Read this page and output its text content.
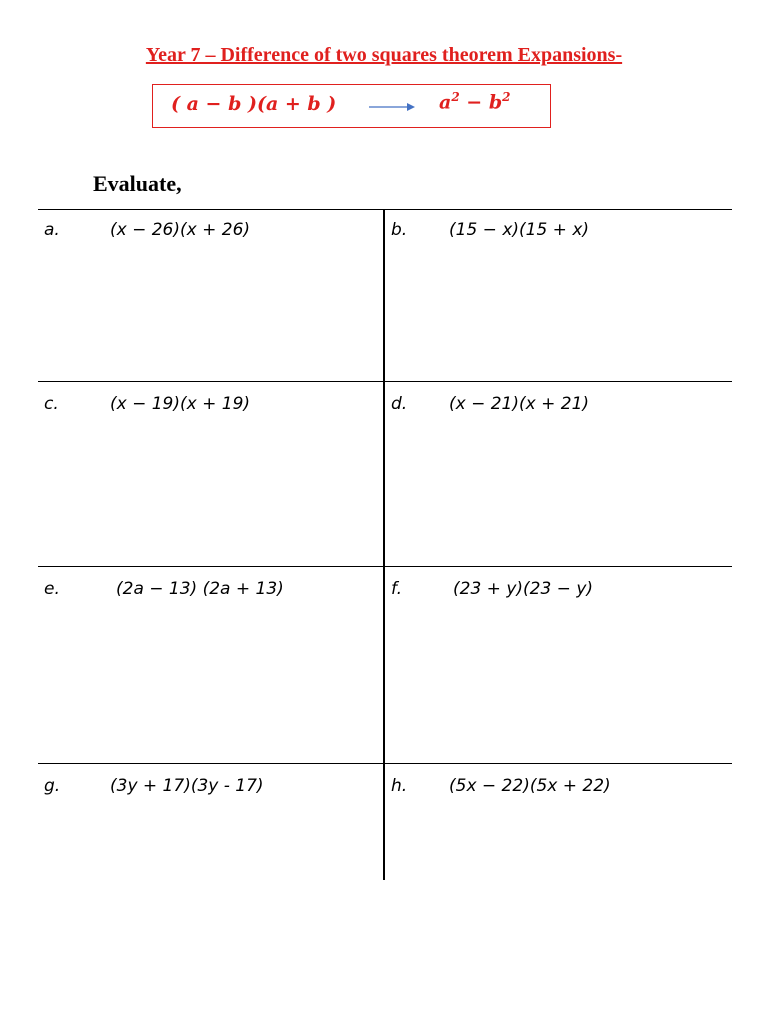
Year 7 – Difference of two squares theorem Expansions-
( a − b )(a + b )	$a^2 - b^2$
Evaluate,
a.	(x − 26)(x + 26)	b. (15 − x)(15 + x)
c.	(x − 19)(x + 19)	d. (x − 21)(x + 21)
e.	(2a − 13) (2a + 13)	f.	(23 + y)(23 − y)
g.	(3y + 17)(3y - 17)	h. (5x − 22)(5x + 22)
